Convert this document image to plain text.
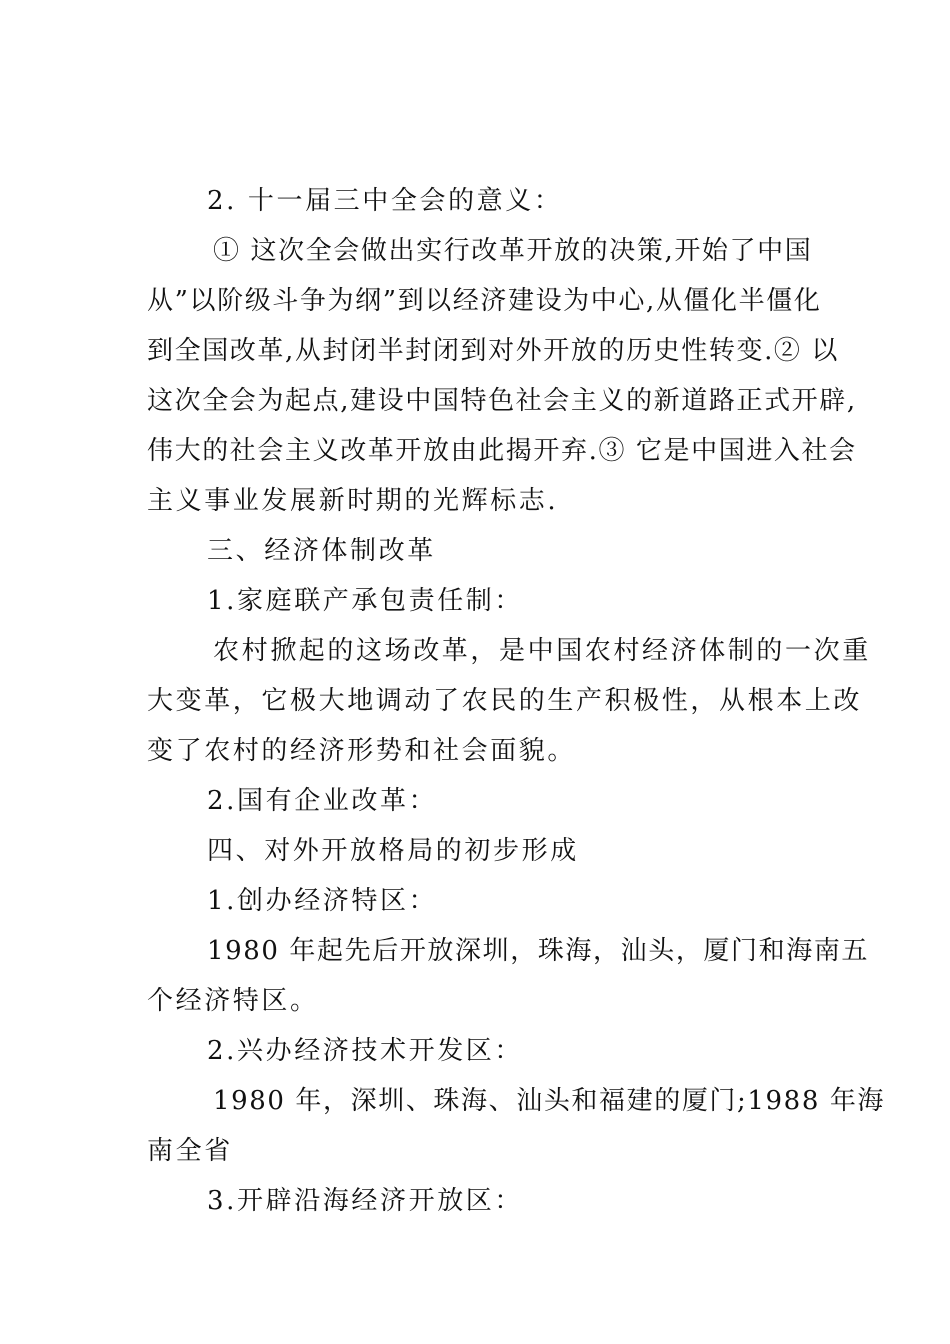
2. 十一届三中全会的意义：
① 这次全会做出实行改革开放的决策,开始了中国
从”以阶级斗争为纲”到以经济建设为中心,从僵化半僵化
到全国改革,从封闭半封闭到对外开放的历史性转变.② 以
这次全会为起点,建设中国特色社会主义的新道路正式开辟,
伟大的社会主义改革开放由此揭开弃.③ 它是中国进入社会
主义事业发展新时期的光辉标志.
三、经济体制改革
1.家庭联产承包责任制：
农村掀起的这场改革，是中国农村经济体制的一次重
大变革，它极大地调动了农民的生产积极性，从根本上改
变了农村的经济形势和社会面貌。
2.国有企业改革：
四、对外开放格局的初步形成
1.创办经济特区：
1980 年起先后开放深圳，珠海，汕头，厦门和海南五
个经济特区。
2.兴办经济技术开发区：
1980 年，深圳、珠海、汕头和福建的厦门;1988 年海
南全省
3.开辟沿海经济开放区：
